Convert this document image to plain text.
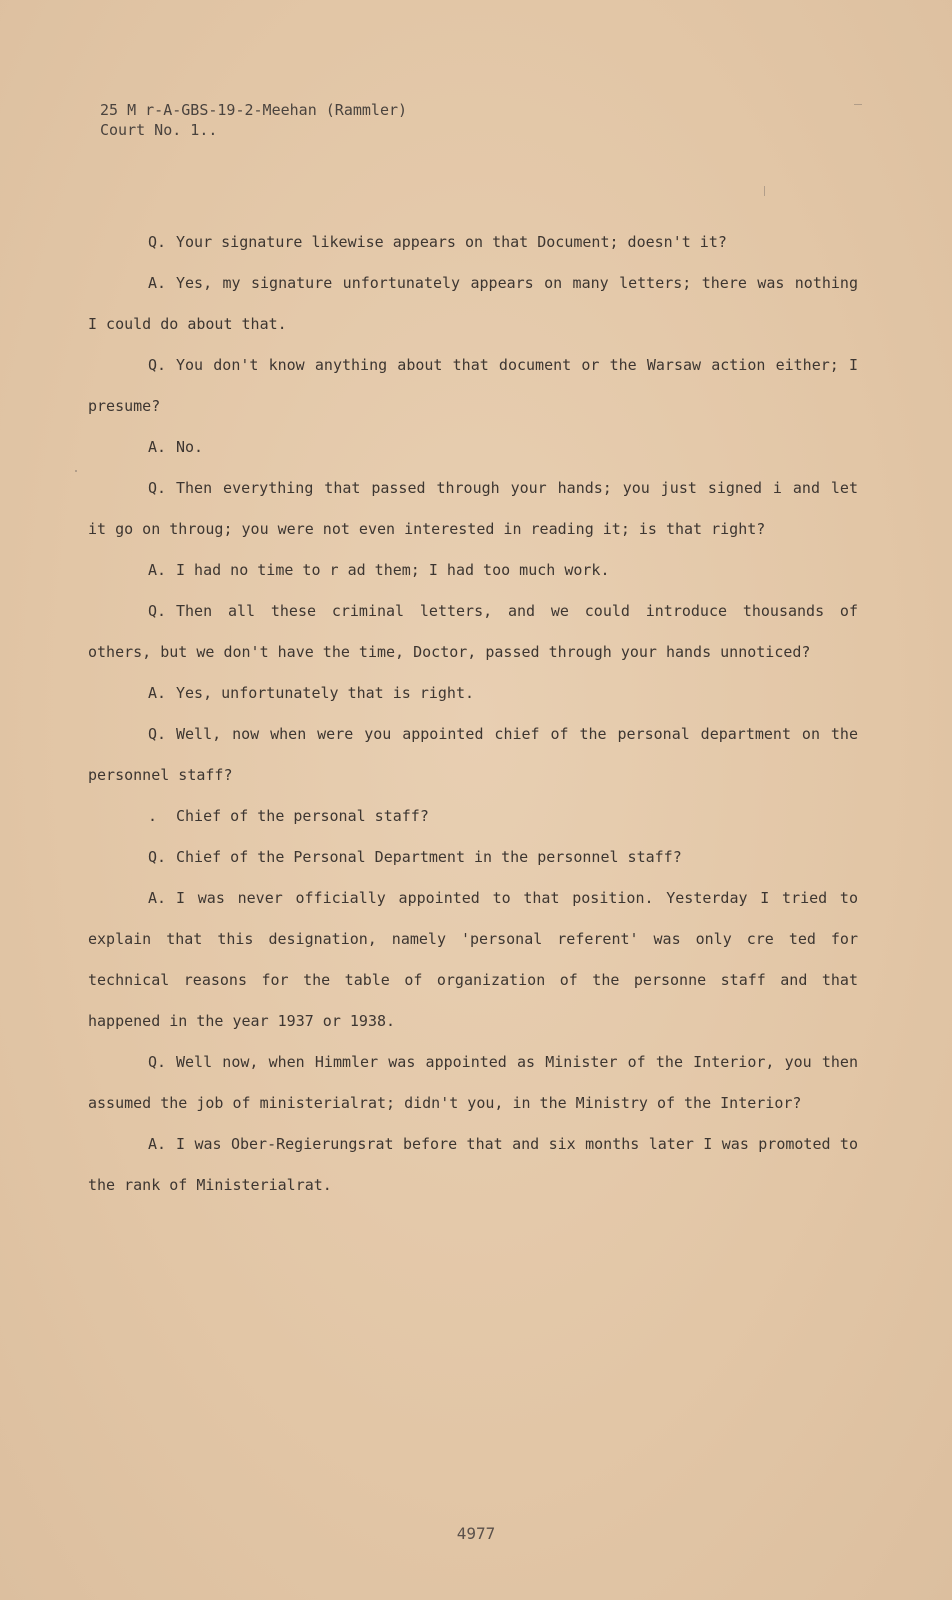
25 M r-A-GBS-19-2-Meehan (Rammler)
Court No. 1..

Q. Your signature likewise appears on that Document; doesn't it?

A. Yes, my signature unfortunately appears on many letters; there was nothing I could do about that.

Q. You don't know anything about that document or the Warsaw action either; I presume?

A. No.

Q. Then everything that passed through your hands; you just signed i and let it go on throug; you were not even interested in reading it; is that right?

A. I had no time to r ad them; I had too much work.

Q. Then all these criminal letters, and we could introduce thousands of others, but we don't have the time, Doctor, passed through your hands unnoticed?

A. Yes, unfortunately that is right.

Q. Well, now when were you appointed chief of the personal department on the personnel staff?

. Chief of the personal staff?

Q. Chief of the Personal Department in the personnel staff?

A. I was never officially appointed to that position. Yesterday I tried to explain that this designation, namely 'personal referent' was only cre ted for technical reasons for the table of organization of the personne staff and that happened in the year 1937 or 1938.

Q. Well now, when Himmler was appointed as Minister of the Interior, you then assumed the job of ministerialrat; didn't you, in the Ministry of the Interior?

A. I was Ober-Regierungsrat before that and six months later I was promoted to the rank of Ministerialrat.

4977
